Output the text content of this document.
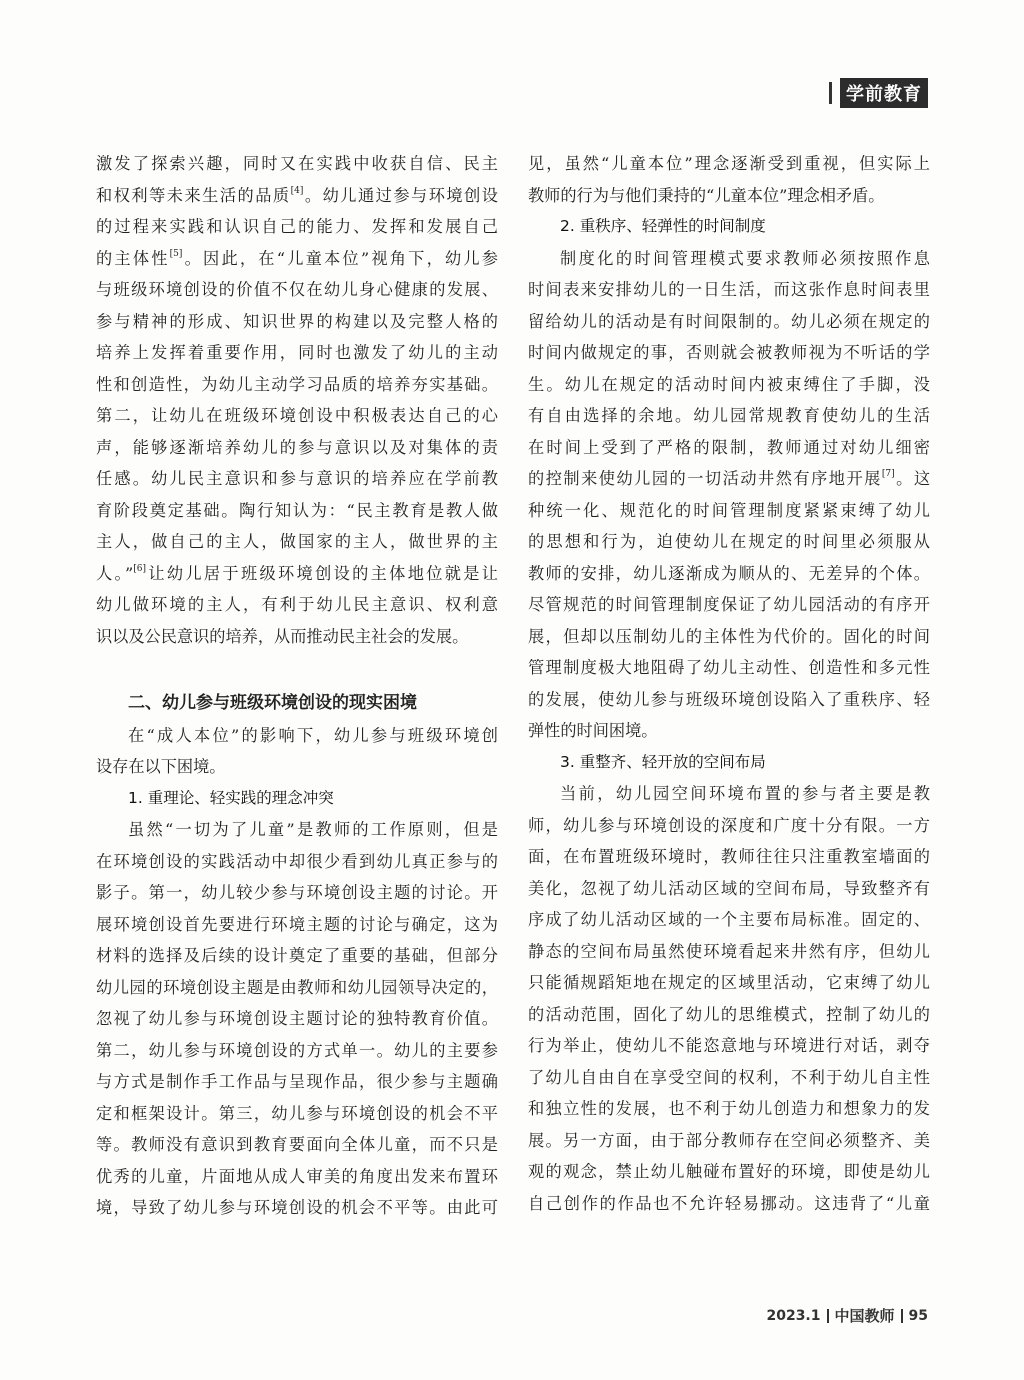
学前教育
激发了探索兴趣，同时又在实践中收获自信、民主
和权利等未来生活的品质[4]。幼儿通过参与环境创设
的过程来实践和认识自己的能力、发挥和发展自己
的主体性[5]。因此，在“儿童本位”视角下，幼儿参
与班级环境创设的价值不仅在幼儿身心健康的发展、
参与精神的形成、知识世界的构建以及完整人格的
培养上发挥着重要作用，同时也激发了幼儿的主动
性和创造性，为幼儿主动学习品质的培养夯实基础。
第二，让幼儿在班级环境创设中积极表达自己的心
声，能够逐渐培养幼儿的参与意识以及对集体的责
任感。幼儿民主意识和参与意识的培养应在学前教
育阶段奠定基础。陶行知认为：“民主教育是教人做
主人，做自己的主人，做国家的主人，做世界的主
人。”[6]让幼儿居于班级环境创设的主体地位就是让
幼儿做环境的主人，有利于幼儿民主意识、权利意
识以及公民意识的培养，从而推动民主社会的发展。
二、幼儿参与班级环境创设的现实困境
在“成人本位”的影响下，幼儿参与班级环境创
设存在以下困境。
1. 重理论、轻实践的理念冲突
虽然“一切为了儿童”是教师的工作原则，但是
在环境创设的实践活动中却很少看到幼儿真正参与的
影子。第一，幼儿较少参与环境创设主题的讨论。开
展环境创设首先要进行环境主题的讨论与确定，这为
材料的选择及后续的设计奠定了重要的基础，但部分
幼儿园的环境创设主题是由教师和幼儿园领导决定的，
忽视了幼儿参与环境创设主题讨论的独特教育价值。
第二，幼儿参与环境创设的方式单一。幼儿的主要参
与方式是制作手工作品与呈现作品，很少参与主题确
定和框架设计。第三，幼儿参与环境创设的机会不平
等。教师没有意识到教育要面向全体儿童，而不只是
优秀的儿童，片面地从成人审美的角度出发来布置环
境，导致了幼儿参与环境创设的机会不平等。由此可
见，虽然“儿童本位”理念逐渐受到重视，但实际上
教师的行为与他们秉持的“儿童本位”理念相矛盾。
2. 重秩序、轻弹性的时间制度
制度化的时间管理模式要求教师必须按照作息
时间表来安排幼儿的一日生活，而这张作息时间表里
留给幼儿的活动是有时间限制的。幼儿必须在规定的
时间内做规定的事，否则就会被教师视为不听话的学
生。幼儿在规定的活动时间内被束缚住了手脚，没
有自由选择的余地。幼儿园常规教育使幼儿的生活
在时间上受到了严格的限制，教师通过对幼儿细密
的控制来使幼儿园的一切活动井然有序地开展[7]。这
种统一化、规范化的时间管理制度紧紧束缚了幼儿
的思想和行为，迫使幼儿在规定的时间里必须服从
教师的安排，幼儿逐渐成为顺从的、无差异的个体。
尽管规范的时间管理制度保证了幼儿园活动的有序开
展，但却以压制幼儿的主体性为代价的。固化的时间
管理制度极大地阻碍了幼儿主动性、创造性和多元性
的发展，使幼儿参与班级环境创设陷入了重秩序、轻
弹性的时间困境。
3. 重整齐、轻开放的空间布局
当前，幼儿园空间环境布置的参与者主要是教
师，幼儿参与环境创设的深度和广度十分有限。一方
面，在布置班级环境时，教师往往只注重教室墙面的
美化，忽视了幼儿活动区域的空间布局，导致整齐有
序成了幼儿活动区域的一个主要布局标准。固定的、
静态的空间布局虽然使环境看起来井然有序，但幼儿
只能循规蹈矩地在规定的区域里活动，它束缚了幼儿
的活动范围，固化了幼儿的思维模式，控制了幼儿的
行为举止，使幼儿不能恣意地与环境进行对话，剥夺
了幼儿自由自在享受空间的权利，不利于幼儿自主性
和独立性的发展，也不利于幼儿创造力和想象力的发
展。另一方面，由于部分教师存在空间必须整齐、美
观的观念，禁止幼儿触碰布置好的环境，即使是幼儿
自己创作的作品也不允许轻易挪动。这违背了“儿童
2023.1 中国教师 95
